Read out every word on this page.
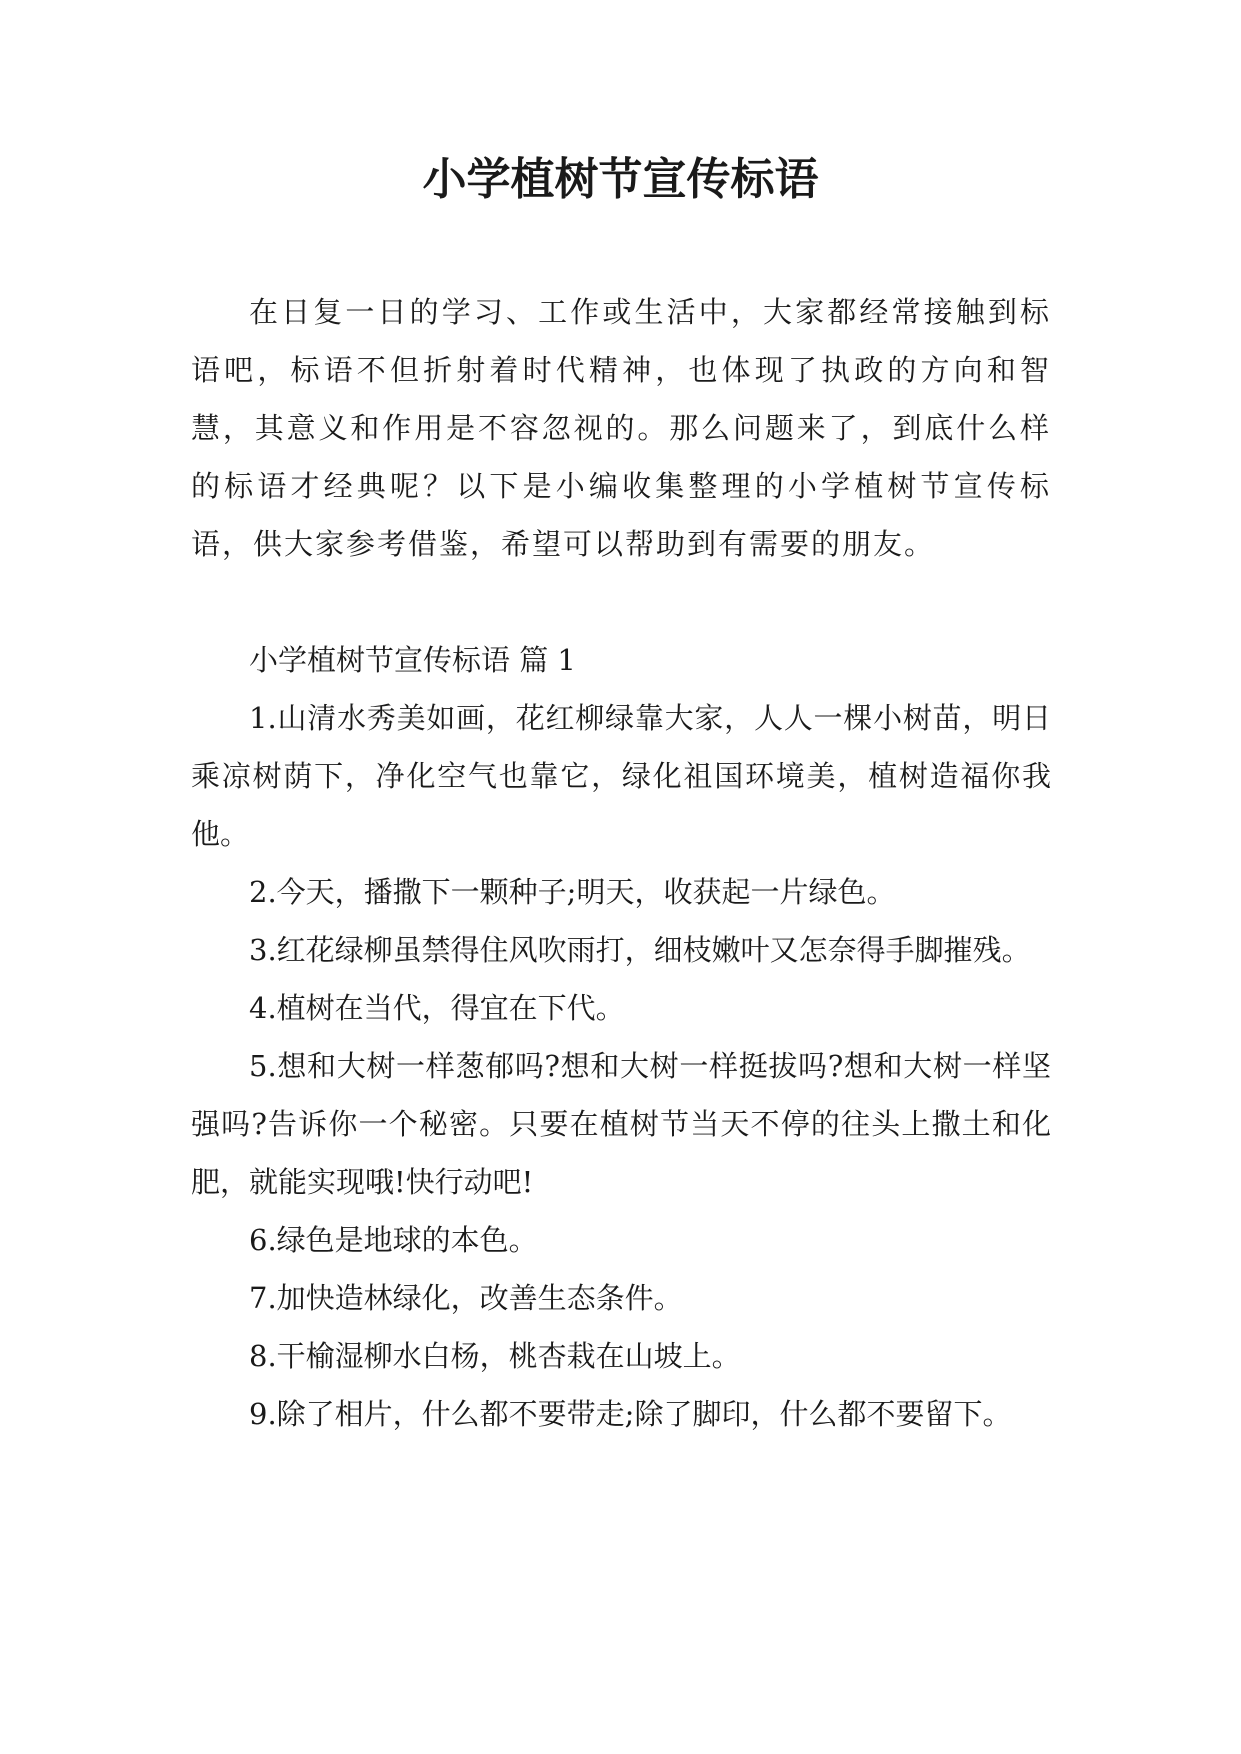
小学植树节宣传标语

在日复一日的学习、工作或生活中，大家都经常接触到标语吧，标语不但折射着时代精神，也体现了执政的方向和智慧，其意义和作用是不容忽视的。那么问题来了，到底什么样的标语才经典呢？以下是小编收集整理的小学植树节宣传标语，供大家参考借鉴，希望可以帮助到有需要的朋友。

小学植树节宣传标语 篇 1

1.山清水秀美如画，花红柳绿靠大家，人人一棵小树苗，明日乘凉树荫下，净化空气也靠它，绿化祖国环境美，植树造福你我他。

2.今天，播撒下一颗种子;明天，收获起一片绿色。

3.红花绿柳虽禁得住风吹雨打，细枝嫩叶又怎奈得手脚摧残。

4.植树在当代，得宜在下代。

5.想和大树一样葱郁吗?想和大树一样挺拔吗?想和大树一样坚强吗?告诉你一个秘密。只要在植树节当天不停的往头上撒土和化肥，就能实现哦!快行动吧!

6.绿色是地球的本色。

7.加快造林绿化，改善生态条件。

8.干榆湿柳水白杨，桃杏栽在山坡上。

9.除了相片，什么都不要带走;除了脚印，什么都不要留下。
